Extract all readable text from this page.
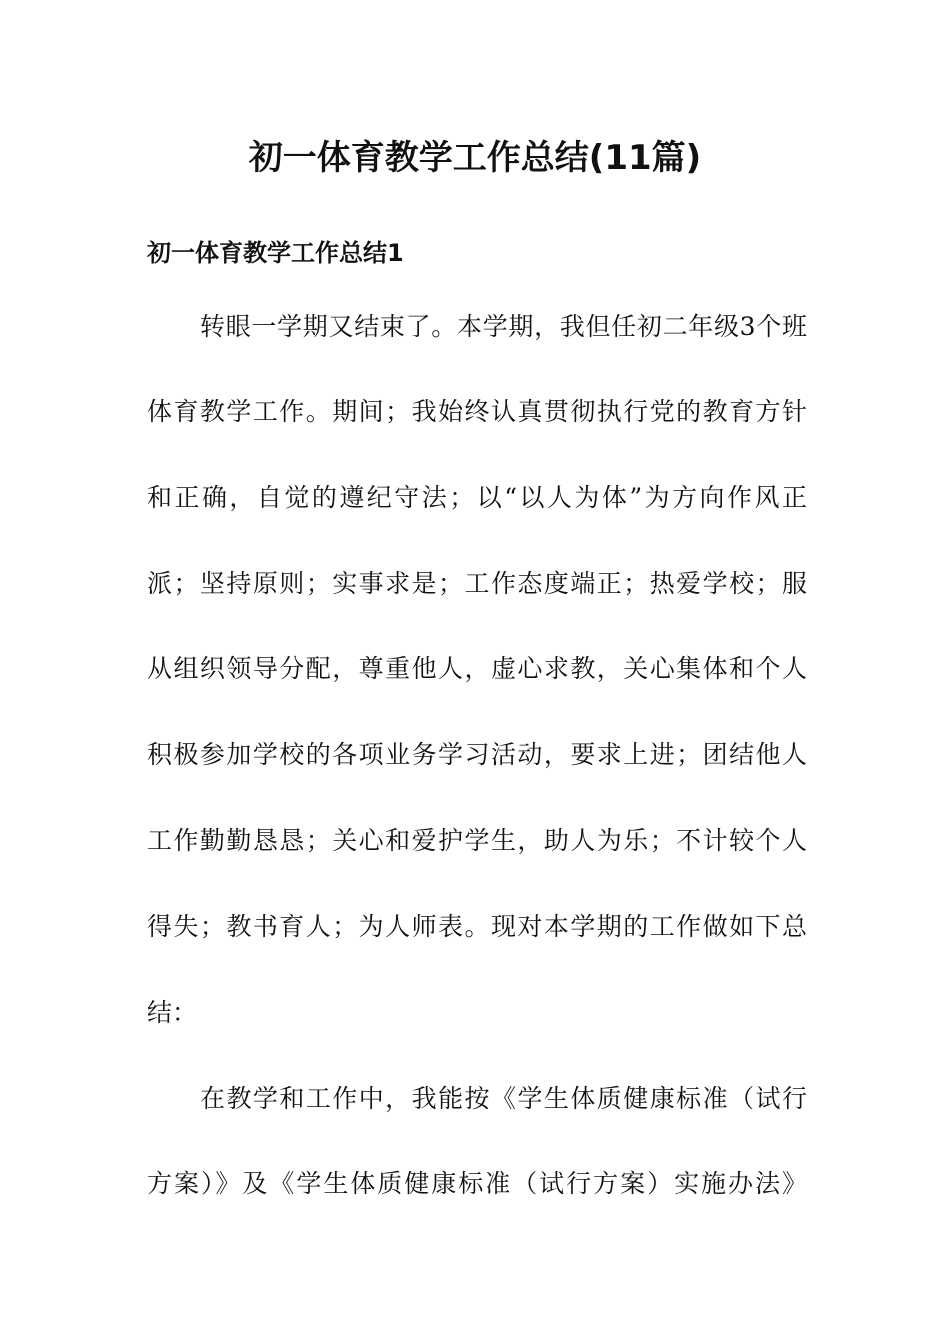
初一体育教学工作总结(11篇)
初一体育教学工作总结1
转眼一学期又结束了。本学期，我但任初二年级3个班
体育教学工作。期间；我始终认真贯彻执行党的教育方针
和正确，自觉的遵纪守法；以“以人为体”为方向作风正
派；坚持原则；实事求是；工作态度端正；热爱学校；服
从组织领导分配，尊重他人，虚心求教，关心集体和个人
积极参加学校的各项业务学习活动，要求上进；团结他人
工作勤勤恳恳；关心和爱护学生，助人为乐；不计较个人
得失；教书育人；为人师表。现对本学期的工作做如下总
结：
在教学和工作中，我能按《学生体质健康标准（试行
方案）》及《学生体质健康标准（试行方案）实施办法》
